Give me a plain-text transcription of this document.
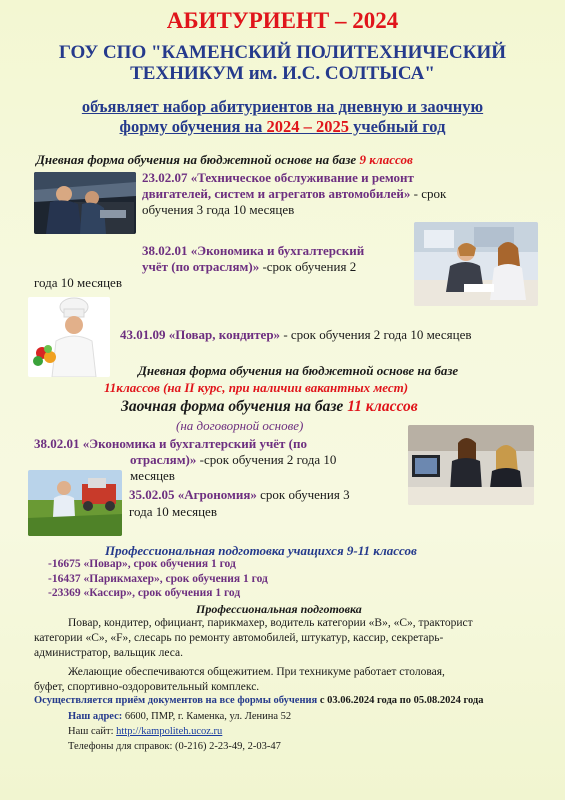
АБИТУРИЕНТ – 2024
ГОУ СПО "КАМЕНСКИЙ ПОЛИТЕХНИЧЕСКИЙ
ТЕХНИКУМ им. И.С. СОЛТЫСА"
объявляет набор абитуриентов на дневную и заочную
форму обучения на 2024 – 2025 учебный год
Дневная форма обучения на бюджетной основе на базе 9 классов
23.02.07 «Техническое обслуживание и ремонт
двигателей, систем и агрегатов автомобилей» - срок
обучения 3 года 10 месяцев
38.02.01 «Экономика и бухгалтерский
учёт (по отраслям)» -срок обучения 2
года 10 месяцев
43.01.09 «Повар, кондитер» - срок обучения 2 года 10 месяцев
Дневная форма обучения на бюджетной основе на базе
11классов (на II курс, при наличии вакантных мест)
Заочная форма обучения на базе 11 классов
(на договорной основе)
38.02.01 «Экономика и бухгалтерский учёт (по
отраслям)» -срок обучения 2 года 10
месяцев
35.02.05 «Агрономия» срок обучения 3
года 10 месяцев
Профессиональная подготовка учащихся 9-11 классов
-16675 «Повар», срок обучения 1 год
-16437 «Парикмахер», срок обучения 1 год
-23369 «Кассир», срок обучения 1 год
Профессиональная подготовка
Повар, кондитер, официант, парикмахер, водитель категории «В», «С», тракторист
категории «С», «F», слесарь по ремонту автомобилей, штукатур, кассир, секретарь-
администратор, вальщик леса.
Желающие обеспечиваются общежитием. При техникуме работает столовая,
буфет, спортивно-оздоровительный комплекс.
Осуществляется приём документов на все формы обучения с 03.06.2024 года по 05.08.2024 года
Наш адрес: 6600, ПМР, г. Каменка, ул. Ленина 52
Наш сайт: http://kampolitеh.ucoz.ru
Телефоны для справок: (0-216) 2-23-49, 2-03-47
